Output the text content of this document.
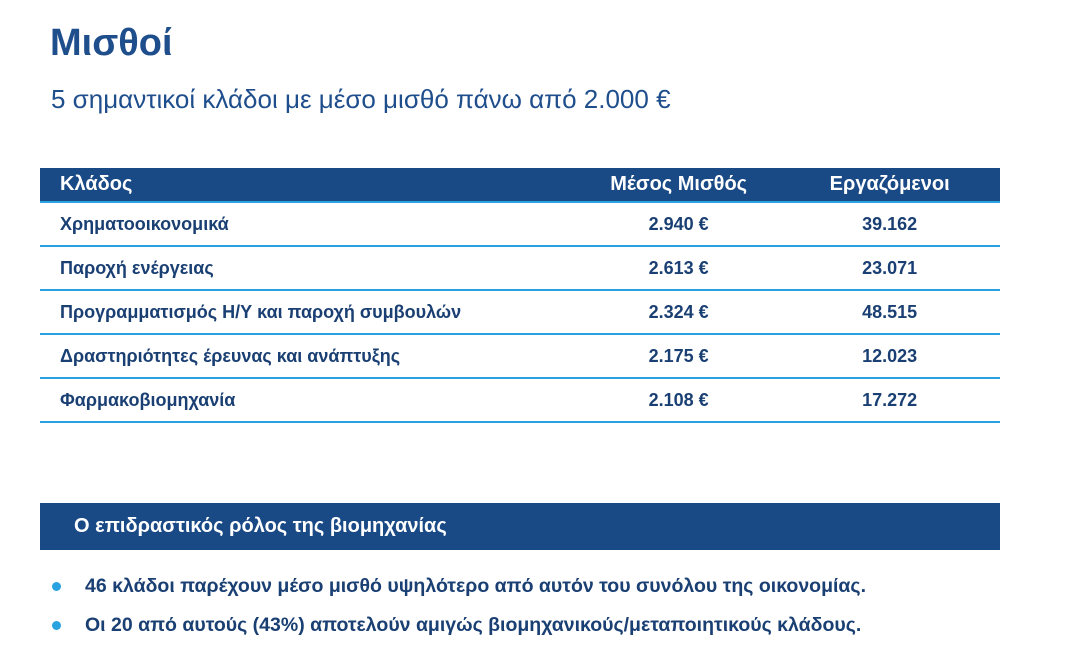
Μισθοί
5 σημαντικοί κλάδοι με μέσο μισθό πάνω από 2.000 €
Κλάδος	Μέσος Μισθός	Εργαζόμενοι
Χρηματοοικονομικά	2.940 €	39.162
Παροχή ενέργειας	2.613 €	23.071
Προγραμματισμός Η/Υ και παροχή συμβουλών	2.324 €	48.515
Δραστηριότητες έρευνας και ανάπτυξης	2.175 €	12.023
Φαρμακοβιομηχανία	2.108 €	17.272
Ο επιδραστικός ρόλος της βιομηχανίας
46 κλάδοι παρέχουν μέσο μισθό υψηλότερο από αυτόν του συνόλου της οικονομίας.
Οι 20 από αυτούς (43%) αποτελούν αμιγώς βιομηχανικούς/μεταποιητικούς κλάδους.
